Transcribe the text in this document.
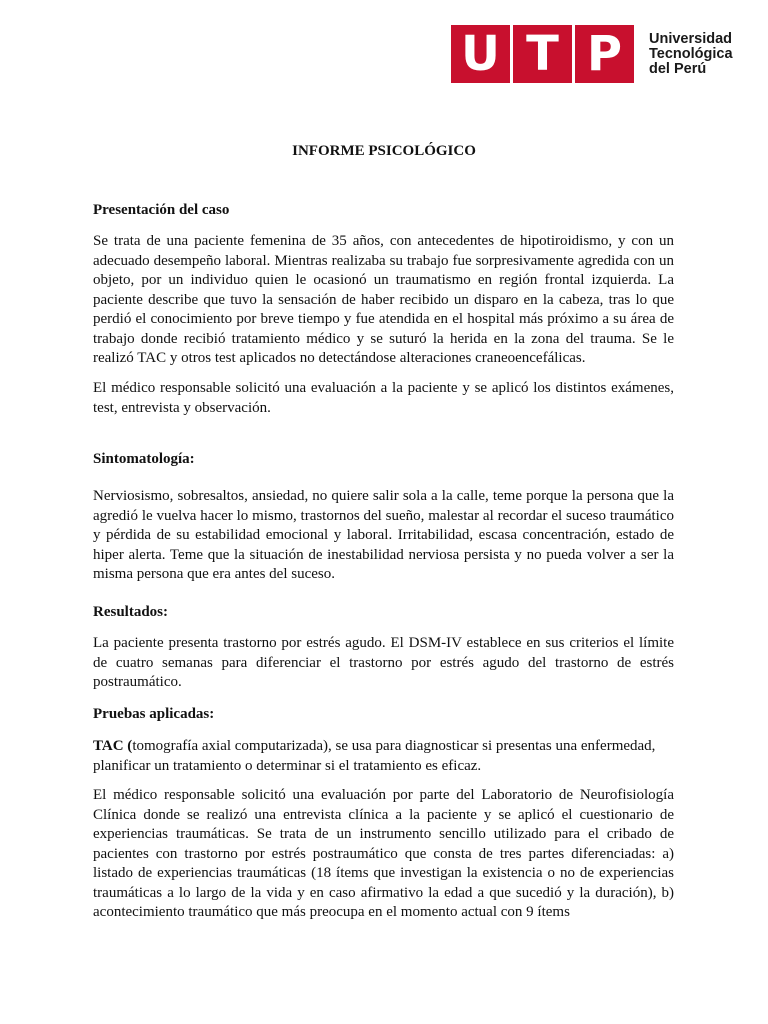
U T P	Universidad
Tecnológica
del Perú
INFORME PSICOLÓGICO
Presentación del caso
Se trata de una paciente femenina de 35 años, con antecedentes de hipotiroidismo, y con un adecuado desempeño laboral. Mientras realizaba su trabajo fue sorpresivamente agredida con un objeto, por un individuo quien le ocasionó un traumatismo en región frontal izquierda. La paciente describe que tuvo la sensación de haber recibido un disparo en la cabeza, tras lo que perdió el conocimiento por breve tiempo y fue atendida en el hospital más próximo a su área de trabajo donde recibió tratamiento médico y se suturó la herida en la zona del trauma. Se le realizó TAC y otros test aplicados no detectándose alteraciones craneoencefálicas.
El médico responsable solicitó una evaluación a la paciente y se aplicó los distintos exámenes, test, entrevista y observación.
Sintomatología:
Nerviosismo, sobresaltos, ansiedad, no quiere salir sola a la calle, teme porque la persona que la agredió le vuelva hacer lo mismo, trastornos del sueño, malestar al recordar el suceso traumático y pérdida de su estabilidad emocional y laboral. Irritabilidad, escasa concentración, estado de hiper alerta. Teme que la situación de inestabilidad nerviosa persista y no pueda volver a ser la misma persona que era antes del suceso.
Resultados:
La paciente presenta trastorno por estrés agudo. El DSM-IV establece en sus criterios el límite de cuatro semanas para diferenciar el trastorno por estrés agudo del trastorno de estrés postraumático.
Pruebas aplicadas:
TAC (tomografía axial computarizada), se usa para diagnosticar si presentas una enfermedad, planificar un tratamiento o determinar si el tratamiento es eficaz.
El médico responsable solicitó una evaluación por parte del Laboratorio de Neurofisiología Clínica donde se realizó una entrevista clínica a la paciente y se aplicó el cuestionario de experiencias traumáticas. Se trata de un instrumento sencillo utilizado para el cribado de pacientes con trastorno por estrés postraumático que consta de tres partes diferenciadas: a) listado de experiencias traumáticas (18 ítems que investigan la existencia o no de experiencias traumáticas a lo largo de la vida y en caso afirmativo la edad a que sucedió y la duración), b) acontecimiento traumático que más preocupa en el momento actual con 9 ítems
